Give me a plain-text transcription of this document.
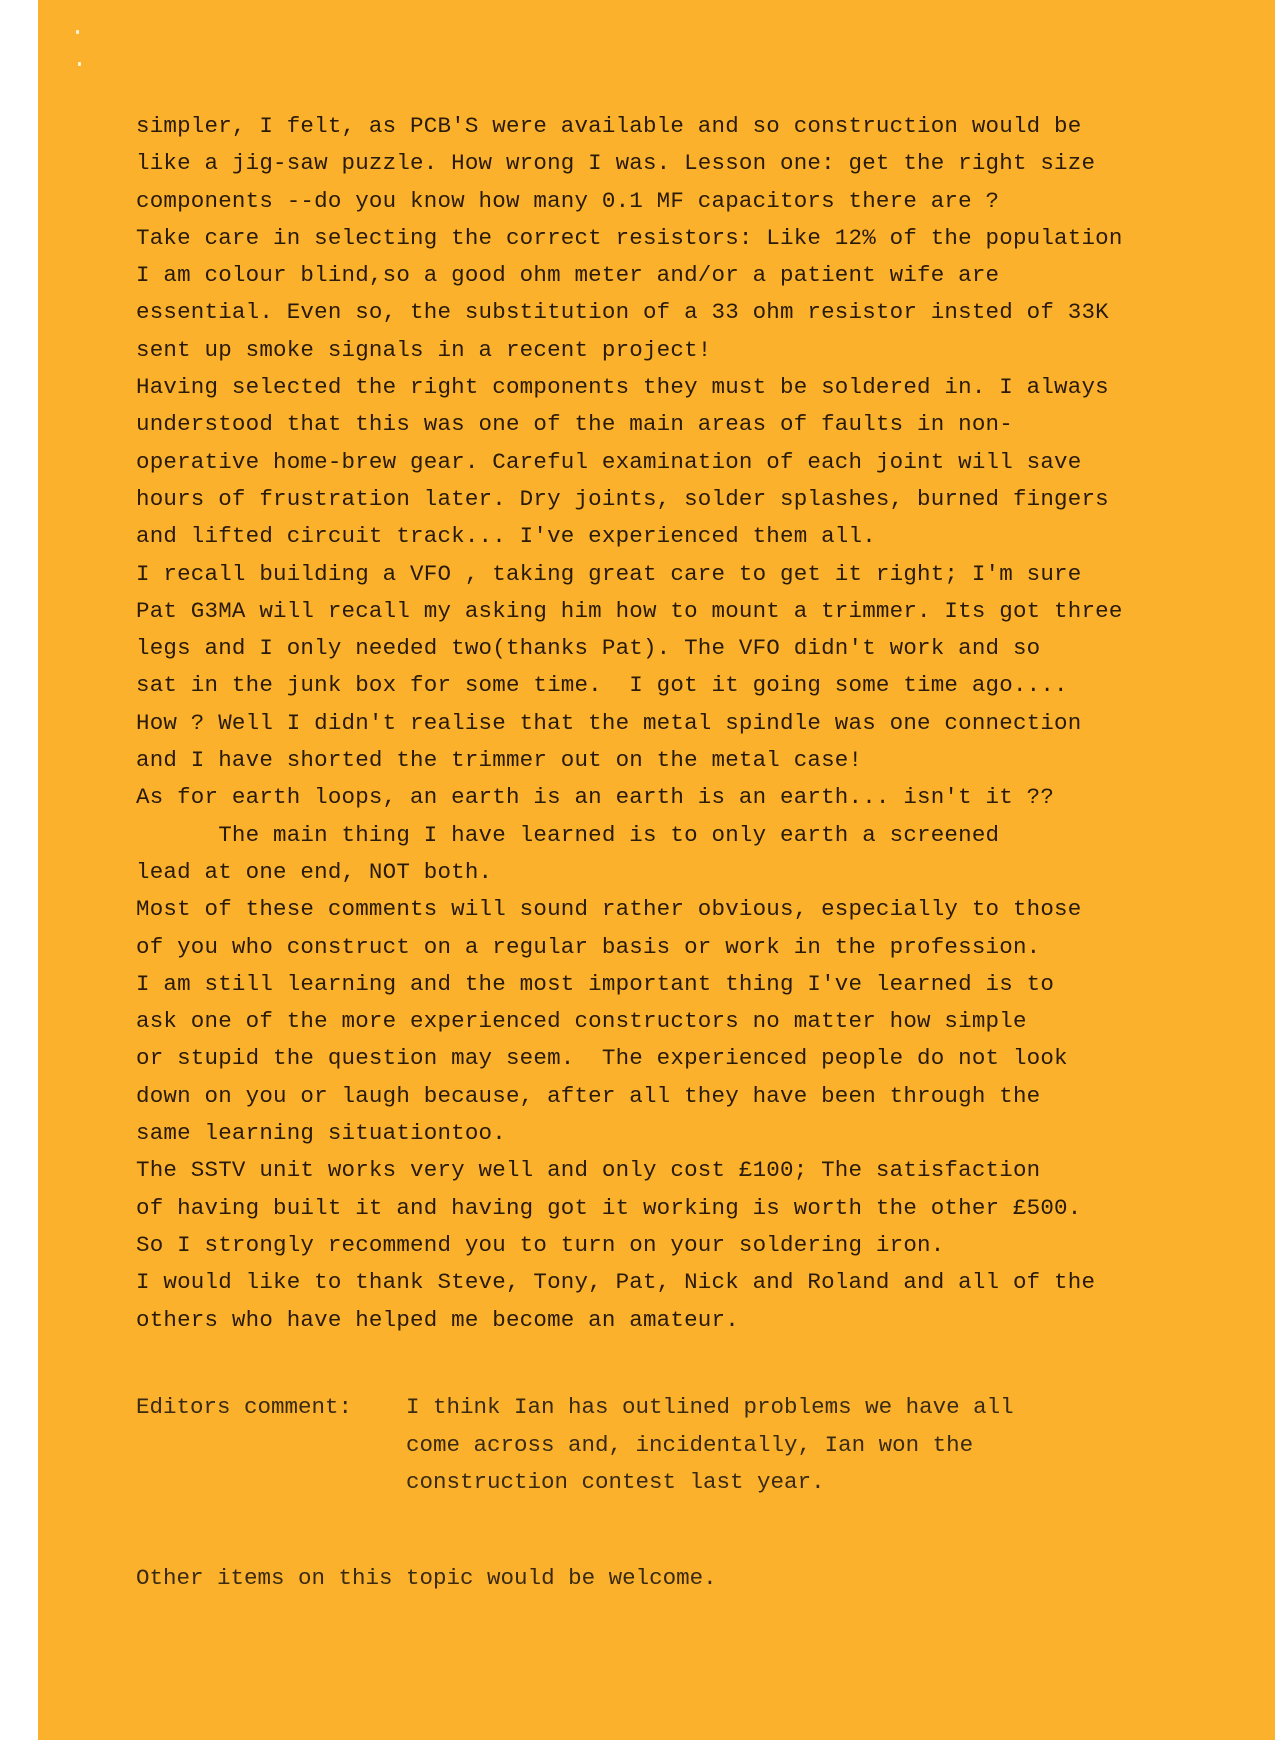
simpler, I felt, as PCB'S were available and so construction would be
like a jig-saw puzzle. How wrong I was. Lesson one: get the right size
components --do you know how many 0.1 MF capacitors there are ?
Take care in selecting the correct resistors: Like 12% of the population
I am colour blind,so a good ohm meter and/or a patient wife are
essential. Even so, the substitution of a 33 ohm resistor insted of 33K
sent up smoke signals in a recent project!
Having selected the right components they must be soldered in. I always
understood that this was one of the main areas of faults in non-
operative home-brew gear. Careful examination of each joint will save
hours of frustration later. Dry joints, solder splashes, burned fingers
and lifted circuit track... I've experienced them all.
I recall building a VFO , taking great care to get it right; I'm sure
Pat G3MA will recall my asking him how to mount a trimmer. Its got three
legs and I only needed two(thanks Pat). The VFO didn't work and so
sat in the junk box for some time.  I got it going some time ago....
How ? Well I didn't realise that the metal spindle was one connection
and I have shorted the trimmer out on the metal case!
As for earth loops, an earth is an earth is an earth... isn't it ??
The main thing I have learned is to only earth a screened
lead at one end, NOT both.
Most of these comments will sound rather obvious, especially to those
of you who construct on a regular basis or work in the profession.
I am still learning and the most important thing I've learned is to
ask one of the more experienced constructors no matter how simple
or stupid the question may seem.  The experienced people do not look
down on you or laugh because, after all they have been through the
same learning situationtoo.
The SSTV unit works very well and only cost £100; The satisfaction
of having built it and having got it working is worth the other £500.
So I strongly recommend you to turn on your soldering iron.
I would like to thank Steve, Tony, Pat, Nick and Roland and all of the
others who have helped me become an amateur.
Editors comment:	I think Ian has outlined problems we have all
come across and, incidentally, Ian won the
construction contest last year.
Other items on this topic would be welcome.
